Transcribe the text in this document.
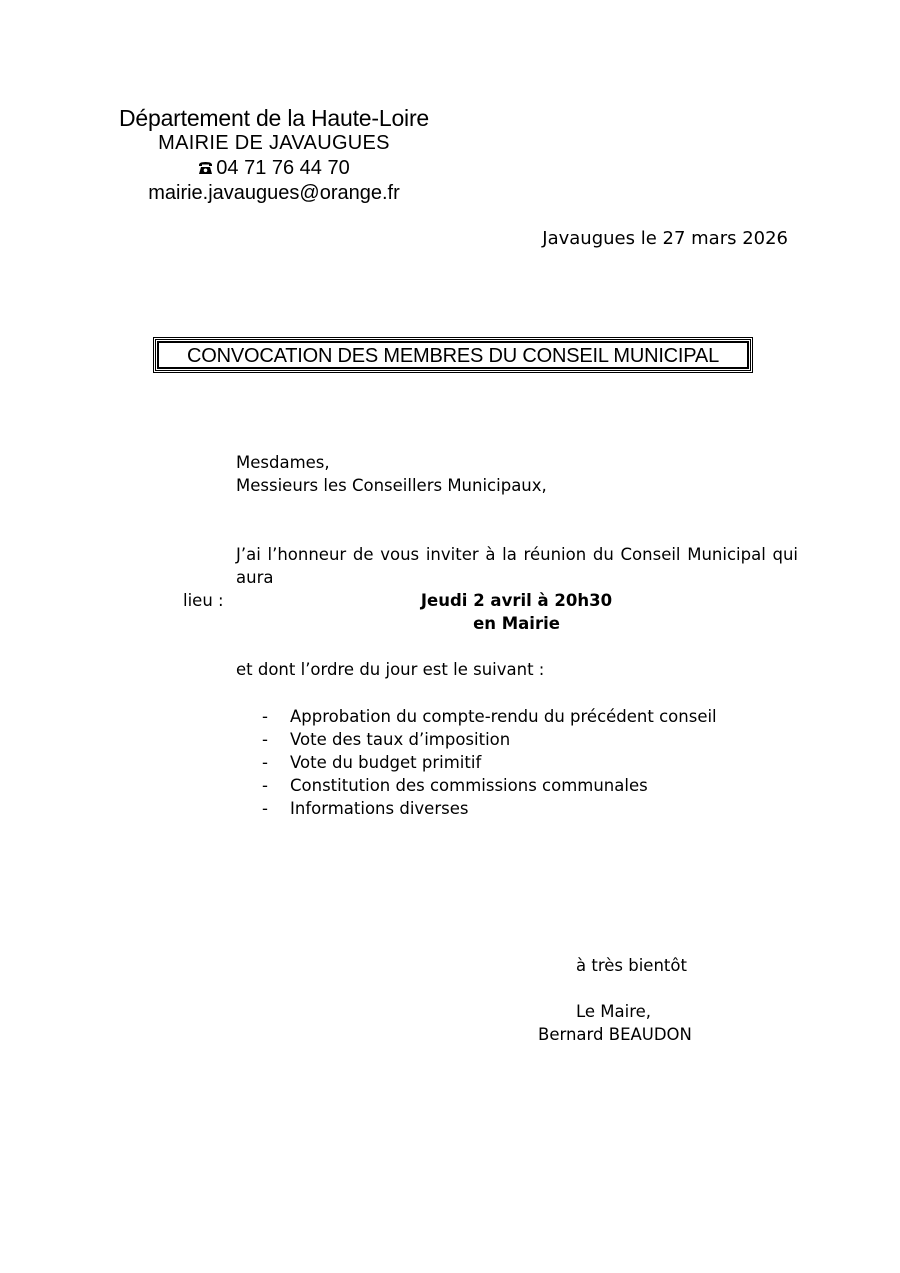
Département de la Haute-Loire
MAIRIE DE JAVAUGUES
04 71 76 44 70
mairie.javaugues@orange.fr
Javaugues le 27 mars 2026
CONVOCATION DES MEMBRES DU CONSEIL MUNICIPAL
Mesdames,
Messieurs les Conseillers Municipaux,
J’ai l’honneur de vous inviter à la réunion du Conseil Municipal qui aura
lieu :	Jeudi 2 avril à 20h30
en Mairie
et dont l’ordre du jour est le suivant :
- Approbation du compte-rendu du précédent conseil
- Vote des taux d’imposition
- Vote du budget primitif
- Constitution des commissions communales
- Informations diverses
à très bientôt
Le Maire,
Bernard BEAUDON
